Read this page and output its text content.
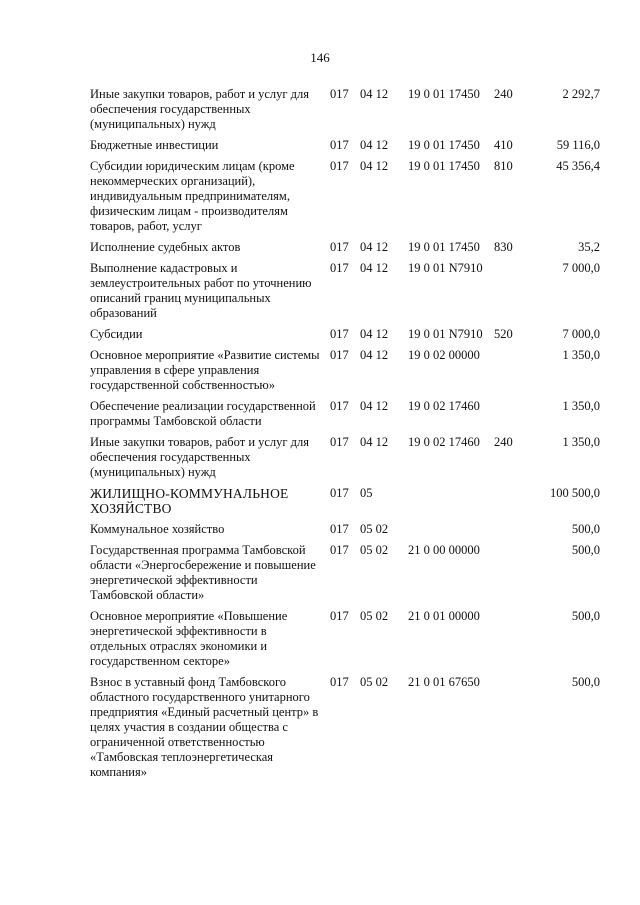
146
Иные закупки товаров, работ и услуг для обеспечения государственных (муниципальных) нужд	017	04 12	19 0 01 17450	240	2 292,7
Бюджетные инвестиции	017	04 12	19 0 01 17450	410	59 116,0
Субсидии юридическим лицам (кроме некоммерческих организаций), индивидуальным предпринимателям, физическим лицам - производителям товаров, работ, услуг	017	04 12	19 0 01 17450	810	45 356,4
Исполнение судебных актов	017	04 12	19 0 01 17450	830	35,2
Выполнение кадастровых и землеустроительных работ по уточнению описаний границ муниципальных образований	017	04 12	19 0 01 N7910		7 000,0
Субсидии	017	04 12	19 0 01 N7910	520	7 000,0
Основное мероприятие «Развитие системы управления в сфере управления государственной собственностью»	017	04 12	19 0 02 00000		1 350,0
Обеспечение реализации государственной программы Тамбовской области	017	04 12	19 0 02 17460		1 350,0
Иные закупки товаров, работ и услуг для обеспечения государственных (муниципальных) нужд	017	04 12	19 0 02 17460	240	1 350,0
ЖИЛИЩНО-КОММУНАЛЬНОЕ ХОЗЯЙСТВО	017	05			100 500,0
Коммунальное хозяйство	017	05 02			500,0
Государственная программа Тамбовской области «Энергосбережение и повышение энергетической эффективности Тамбовской области»	017	05 02	21 0 00 00000		500,0
Основное мероприятие «Повышение энергетической эффективности в отдельных отраслях экономики и государственном секторе»	017	05 02	21 0 01 00000		500,0
Взнос в уставный фонд Тамбовского областного государственного унитарного предприятия «Единый расчетный центр» в целях участия в создании общества с ограниченной ответственностью «Тамбовская теплоэнергетическая компания»	017	05 02	21 0 01 67650		500,0
